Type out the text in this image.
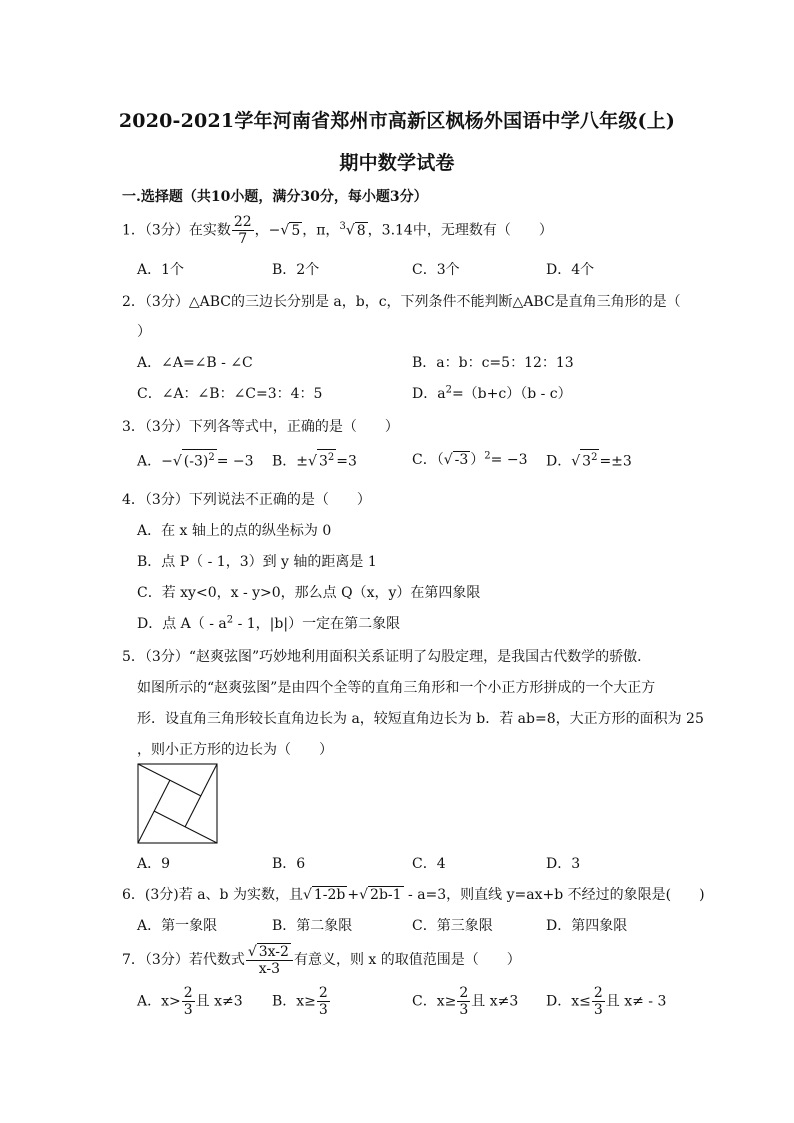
2020-2021学年河南省郑州市高新区枫杨外国语中学八年级(上)
期中数学试卷
一.选择题（共10小题，满分30分，每小题3分）
1．（3分）在实数 $\frac{22}{7}$ ，−√ 5 ，π，$^3$√ 8 ，3.14中，无理数有（　　）
A．1个	B．2个	C．3个	D．4个
2．（3分）△ABC的三边长分别是 a，b，c，下列条件不能判断△ABC是直角三角形的是（
）
A．∠A=∠B - ∠C	B．a：b：c=5：12：13
C．∠A：∠B：∠C=3：4：5	D．$a^2=(b+c)(b - c)$
3．（3分）下列各等式中，正确的是（　　）
A．−√ $(-3)^2 = -3$ B．±√ $3^2 =3$	C．（√ -3 ）$^2$= −3 D．√ $3^2 =\pm 3$
4．（3分）下列说法不正确的是（　　）
A．在 x 轴上的点的纵坐标为 0
B．点 P（ - 1，3）到 y 轴的距离是 1
C．若 xy<0，x - y>0，那么点 Q（x，y）在第四象限
D．点 $A( - a^2 - 1$，|b|）一定在第二象限
5．（3分）“赵爽弦图”巧妙地利用面积关系证明了勾股定理，是我国古代数学的骄傲．
如图所示的“赵爽弦图”是由四个全等的直角三角形和一个小正方形拼成的一个大正方
形．设直角三角形较长直角边长为 a，较短直角边长为 b．若 ab=8，大正方形的面积为 25
，则小正方形的边长为（　　）
A．9	B．6	C．4	D．3
6．(3分)若 a、b 为实数，且√ 1-2b +√ 2b-1 - a=3，则直线 y=ax+b 不经过的象限是(　　)
A．第一象限	B．第二象限	C．第三象限	D．第四象限
7．（3分）若代数式 $\frac{√ 3x-2}{x-3}$ 有意义，则 x 的取值范围是（　　）
A．$x> \frac{2}{3}$ 且 x≠3 B．$x\ge \frac{2}{3}$	C．$x\ge \frac{2}{3}$ 且 x≠3 D．$x\le \frac{2}{3}$ 且 x≠ - 3
